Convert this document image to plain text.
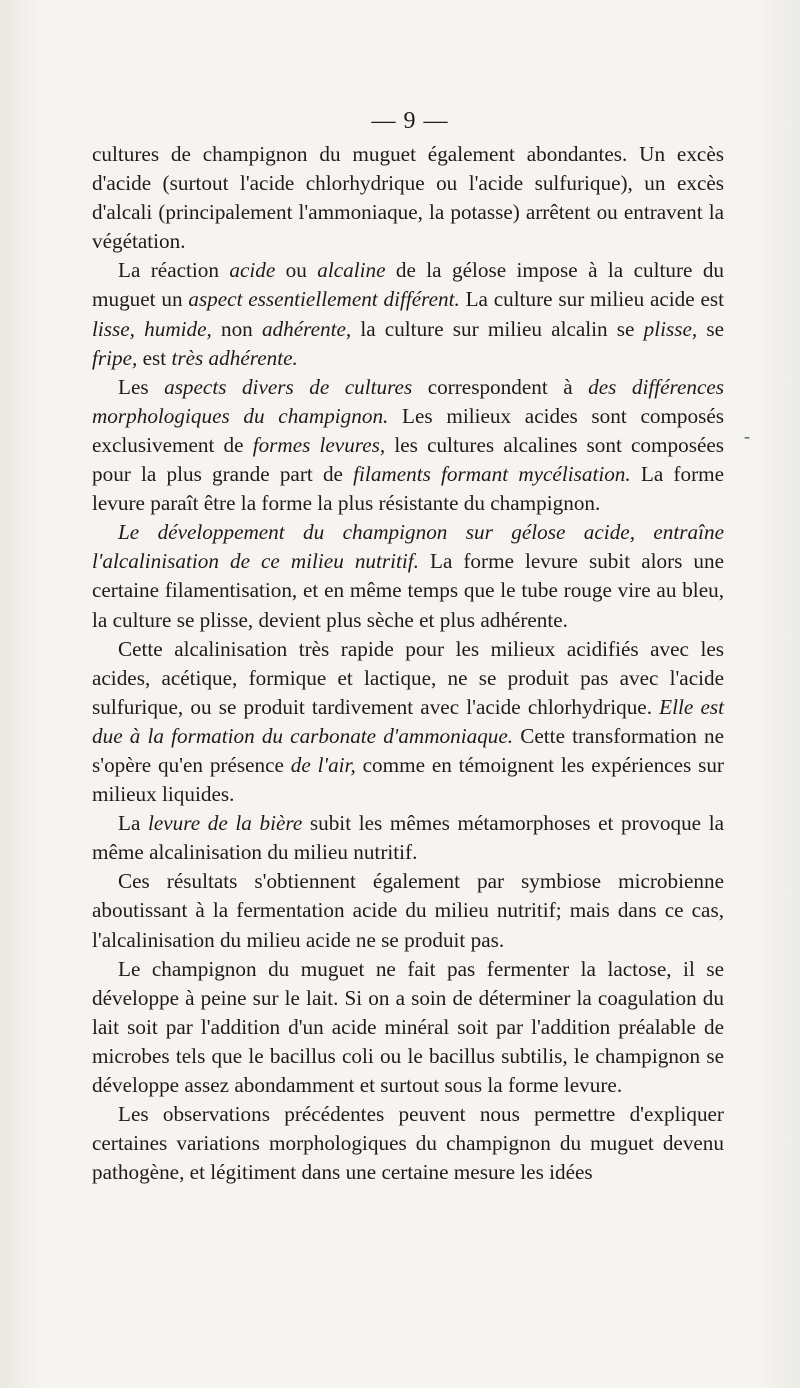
— 9 —
-

cultures de champignon du muguet également abondantes. Un excès d'acide (surtout l'acide chlorhydrique ou l'acide sulfurique), un excès d'alcali (principalement l'ammoniaque, la potasse) arrêtent ou entravent la végétation.

La réaction acide ou alcaline de la gélose impose à la culture du muguet un aspect essentiellement différent. La culture sur milieu acide est lisse, humide, non adhérente, la culture sur milieu alcalin se plisse, se fripe, est très adhérente.

Les aspects divers de cultures correspondent à des différences morphologiques du champignon. Les milieux acides sont composés exclusivement de formes levures, les cultures alcalines sont composées pour la plus grande part de filaments formant mycélisation. La forme levure paraît être la forme la plus résistante du champignon.

Le développement du champignon sur gélose acide, entraîne l'alcalinisation de ce milieu nutritif. La forme levure subit alors une certaine filamentisation, et en même temps que le tube rouge vire au bleu, la culture se plisse, devient plus sèche et plus adhérente.

Cette alcalinisation très rapide pour les milieux acidifiés avec les acides, acétique, formique et lactique, ne se produit pas avec l'acide sulfurique, ou se produit tardivement avec l'acide chlorhydrique. Elle est due à la formation du carbonate d'ammoniaque. Cette transformation ne s'opère qu'en présence de l'air, comme en témoignent les expériences sur milieux liquides.

La levure de la bière subit les mêmes métamorphoses et provoque la même alcalinisation du milieu nutritif.

Ces résultats s'obtiennent également par symbiose microbienne aboutissant à la fermentation acide du milieu nutritif; mais dans ce cas, l'alcalinisation du milieu acide ne se produit pas.

Le champignon du muguet ne fait pas fermenter la lactose, il se développe à peine sur le lait. Si on a soin de déterminer la coagulation du lait soit par l'addition d'un acide minéral soit par l'addition préalable de microbes tels que le bacillus coli ou le bacillus subtilis, le champignon se développe assez abondamment et surtout sous la forme levure.

Les observations précédentes peuvent nous permettre d'expliquer certaines variations morphologiques du champignon du muguet devenu pathogène, et légitiment dans une certaine mesure les idées
